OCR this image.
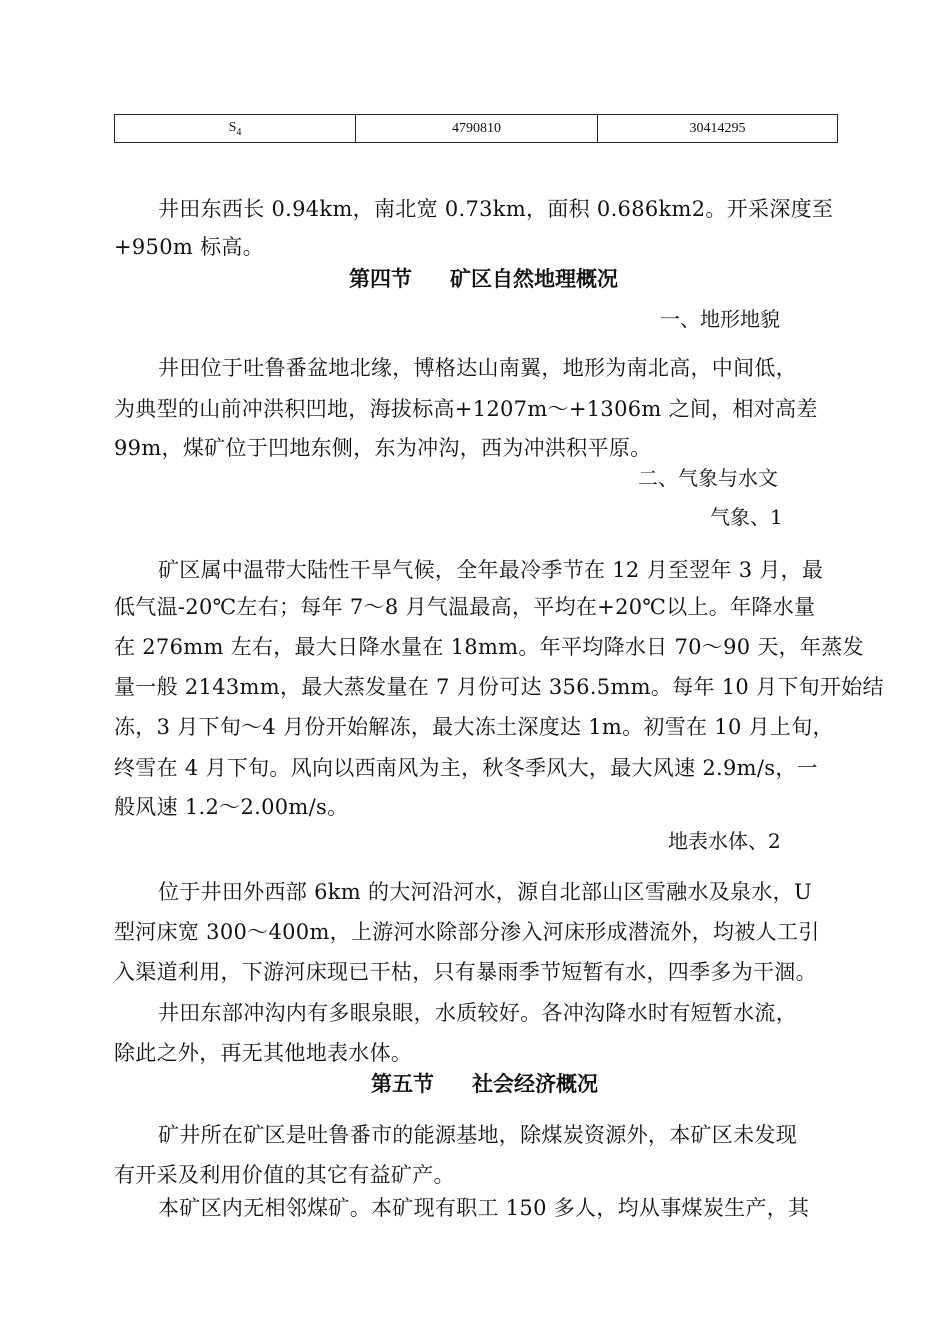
$S_4$	4790810	30414295
井田东西长 0.94km，南北宽 0.73km，面积 0.686km2。开采深度至
+950m 标高。
第四节 矿区自然地理概况
一、地形地貌
井田位于吐鲁番盆地北缘，博格达山南翼，地形为南北高，中间低，
为典型的山前冲洪积凹地，海拔标高+1207m～+1306m 之间，相对高差
99m，煤矿位于凹地东侧，东为冲沟，西为冲洪积平原。
二、气象与水文
气象、1
矿区属中温带大陆性干旱气候，全年最冷季节在 12 月至翌年 3 月，最
低气温-20℃左右；每年 7～8 月气温最高，平均在+20℃以上。年降水量
在 276mm 左右，最大日降水量在 18mm。年平均降水日 70～90 天，年蒸发
量一般 2143mm，最大蒸发量在 7 月份可达 356.5mm。每年 10 月下旬开始结
冻，3 月下旬～4 月份开始解冻，最大冻土深度达 1m。初雪在 10 月上旬，
终雪在 4 月下旬。风向以西南风为主，秋冬季风大，最大风速 2.9m/s，一
般风速 1.2～2.00m/s。
地表水体、2
位于井田外西部 6km 的大河沿河水，源自北部山区雪融水及泉水，U
型河床宽 300～400m，上游河水除部分渗入河床形成潜流外，均被人工引
入渠道利用，下游河床现已干枯，只有暴雨季节短暂有水，四季多为干涸。
井田东部冲沟内有多眼泉眼，水质较好。各冲沟降水时有短暂水流，
除此之外，再无其他地表水体。
第五节 社会经济概况
矿井所在矿区是吐鲁番市的能源基地，除煤炭资源外，本矿区未发现
有开采及利用价值的其它有益矿产。
本矿区内无相邻煤矿。本矿现有职工 150 多人，均从事煤炭生产，其
